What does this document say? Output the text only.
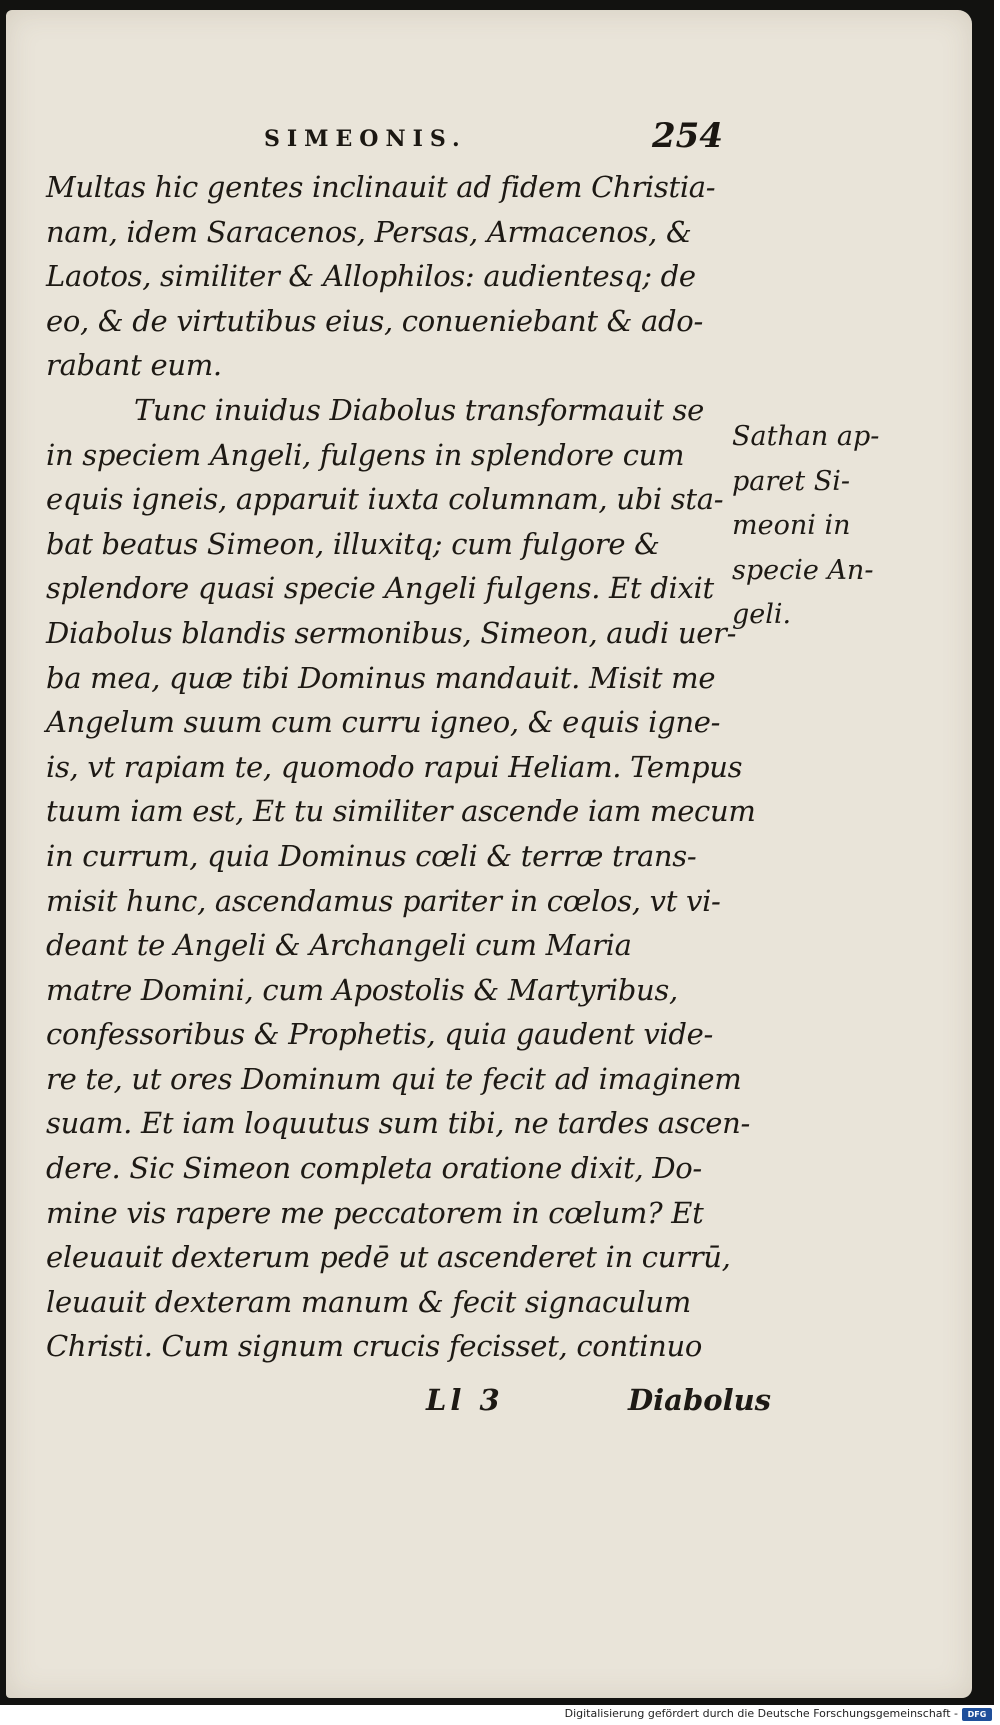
SIMEONIS.	254
Multas hic gentes inclinauit ad fidem Christia-
nam, idem Saracenos, Persas, Armacenos, &
Laotos, similiter & Allophilos: audientesq; de
eo, & de virtutibus eius, conueniebant & ado-
rabant eum.
Tunc inuidus Diabolus transformauit se
in speciem Angeli, fulgens in splendore cum
equis igneis, apparuit iuxta columnam, ubi sta-
bat beatus Simeon, illuxitq; cum fulgore &
splendore quasi specie Angeli fulgens. Et dixit
Diabolus blandis sermonibus, Simeon, audi uer-
ba mea, quæ tibi Dominus mandauit. Misit me
Angelum suum cum curru igneo, & equis igne-
is, vt rapiam te, quomodo rapui Heliam. Tempus
tuum iam est, Et tu similiter ascende iam mecum
in currum, quia Dominus cœli & terræ trans-
misit hunc, ascendamus pariter in cœlos, vt vi-
deant te Angeli & Archangeli cum Maria
matre Domini, cum Apostolis & Martyribus,
confessoribus & Prophetis, quia gaudent vide-
re te, ut ores Dominum qui te fecit ad imaginem
suam. Et iam loquutus sum tibi, ne tardes ascen-
dere. Sic Simeon completa oratione dixit, Do-
mine vis rapere me peccatorem in cœlum? Et
eleuauit dexterum pedē ut ascenderet in currū,
leuauit dexteram manum & fecit signaculum
Christi. Cum signum crucis fecisset, continuo
Sathan ap-
paret Si-
meoni in
specie An-
geli.
Ll 3	Diabolus
Digitalisierung gefördert durch die Deutsche Forschungsgemeinschaft -	DFG
